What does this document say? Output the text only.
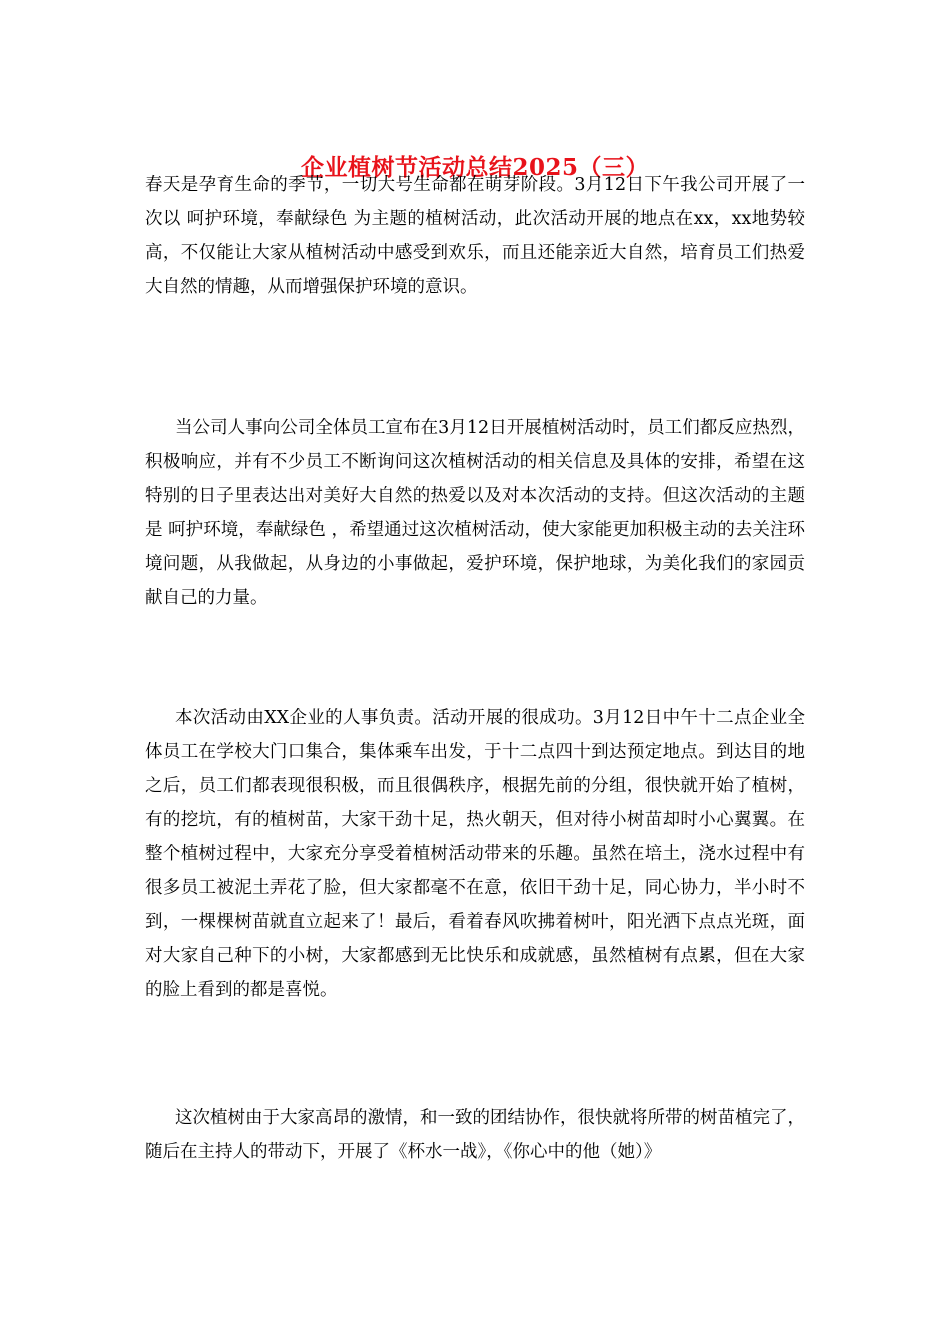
企业植树节活动总结2025（三）

春天是孕育生命的季节，一切大号生命都在萌芽阶段。3月12日下午我公司开展了一次以 呵护环境，奉献绿色 为主题的植树活动，此次活动开展的地点在xx，xx地势较高，不仅能让大家从植树活动中感受到欢乐，而且还能亲近大自然，培育员工们热爱大自然的情趣，从而增强保护环境的意识。

当公司人事向公司全体员工宣布在3月12日开展植树活动时，员工们都反应热烈，积极响应，并有不少员工不断询问这次植树活动的相关信息及具体的安排，希望在这特别的日子里表达出对美好大自然的热爱以及对本次活动的支持。但这次活动的主题是 呵护环境，奉献绿色 ，希望通过这次植树活动，使大家能更加积极主动的去关注环境问题，从我做起，从身边的小事做起，爱护环境，保护地球，为美化我们的家园贡献自己的力量。

本次活动由XX企业的人事负责。活动开展的很成功。3月12日中午十二点企业全体员工在学校大门口集合，集体乘车出发，于十二点四十到达预定地点。到达目的地之后，员工们都表现很积极，而且很偶秩序，根据先前的分组，很快就开始了植树，有的挖坑，有的植树苗，大家干劲十足，热火朝天，但对待小树苗却时小心翼翼。在整个植树过程中，大家充分享受着植树活动带来的乐趣。虽然在培土，浇水过程中有很多员工被泥土弄花了脸，但大家都毫不在意，依旧干劲十足，同心协力，半小时不到，一棵棵树苗就直立起来了！最后，看着春风吹拂着树叶，阳光洒下点点光斑，面对大家自己种下的小树，大家都感到无比快乐和成就感，虽然植树有点累，但在大家的脸上看到的都是喜悦。

这次植树由于大家高昂的激情，和一致的团结协作，很快就将所带的树苗植完了，随后在主持人的带动下，开展了《杯水一战》，《你心中的他（她）》
